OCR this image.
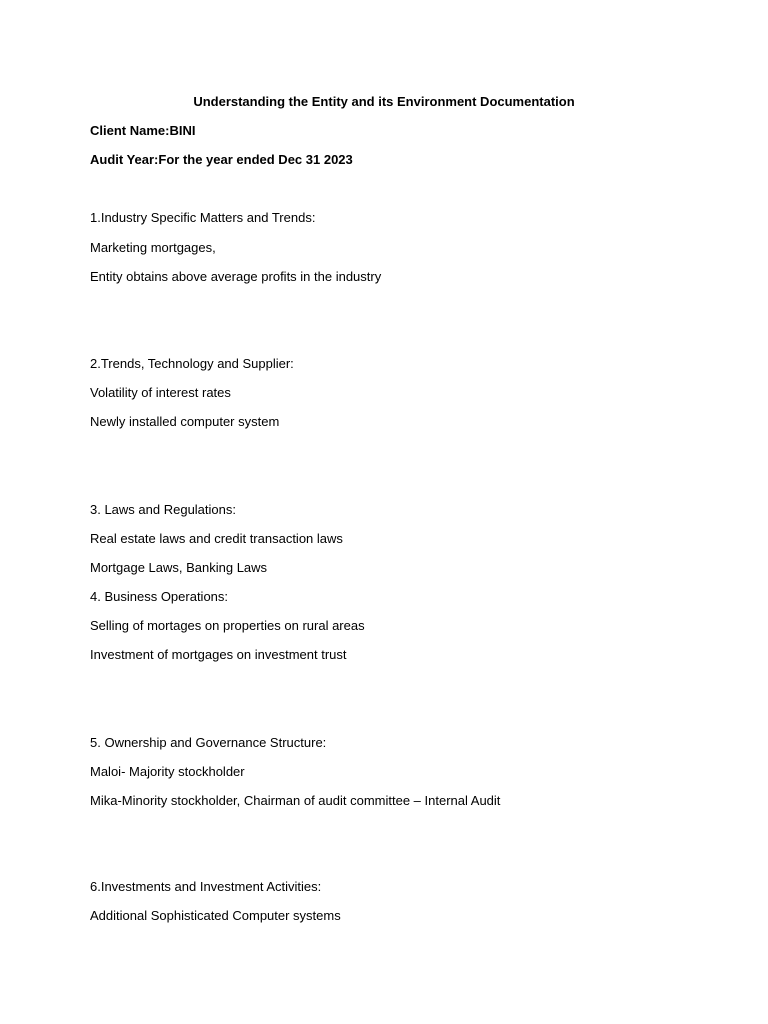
Understanding the Entity and its Environment Documentation
Client Name:BINI
Audit Year:For the year ended Dec 31 2023
1.Industry Specific Matters and Trends:
Marketing mortgages,
Entity obtains above average profits in the industry
2.Trends, Technology and Supplier:
Volatility of interest rates
Newly installed computer system
3. Laws and Regulations:
Real estate laws and credit transaction laws
Mortgage Laws, Banking Laws
4. Business Operations:
Selling of mortages on properties on rural areas
Investment of mortgages on investment trust
5. Ownership and Governance Structure:
Maloi- Majority stockholder
Mika-Minority stockholder, Chairman of audit committee – Internal Audit
6.Investments and Investment Activities:
Additional Sophisticated Computer systems
